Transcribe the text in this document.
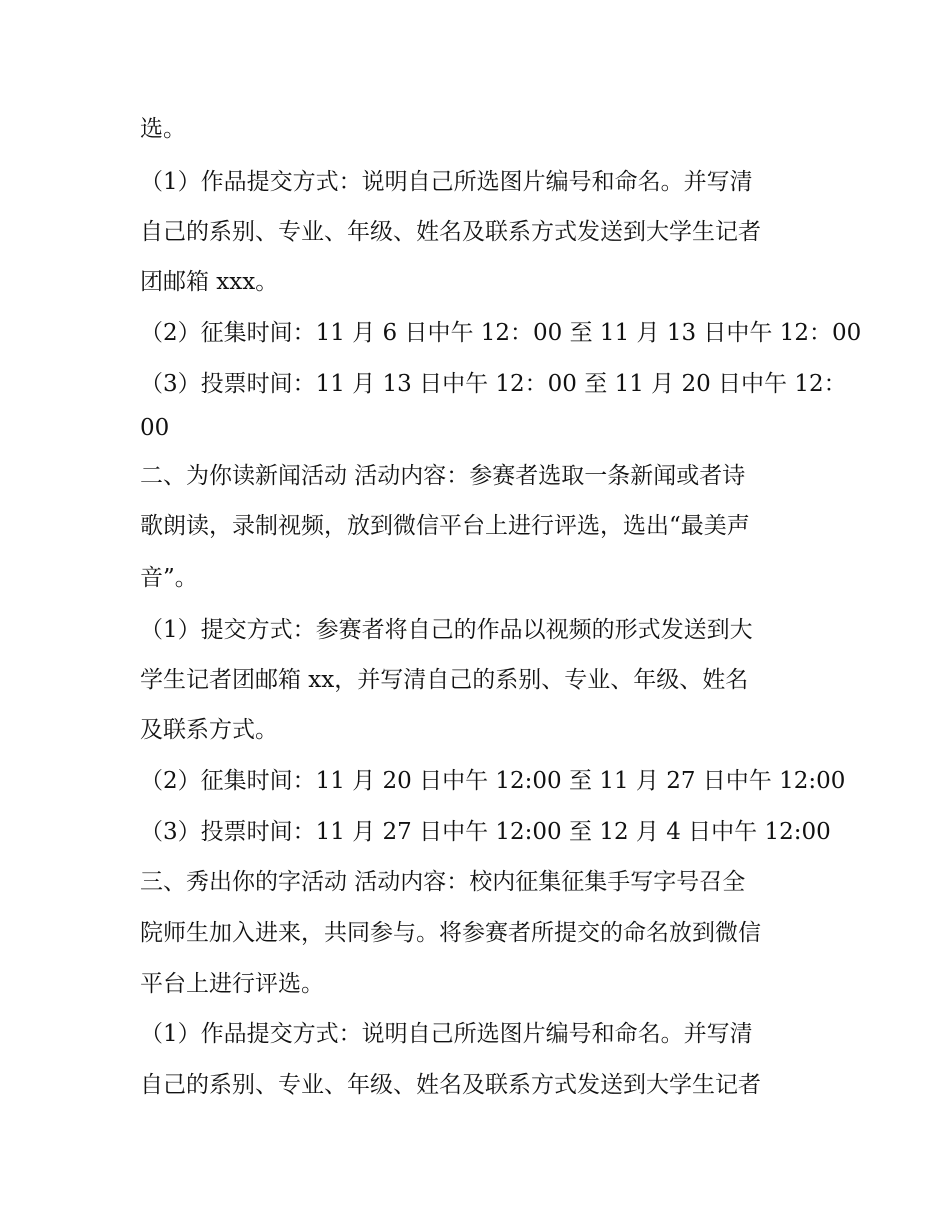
选。
（1）作品提交方式：说明自己所选图片编号和命名。并写清
自己的系别、专业、年级、姓名及联系方式发送到大学生记者
团邮箱 xxx。
（2）征集时间：11 月 6 日中午 12：00 至 11 月 13 日中午 12：00
（3）投票时间：11 月 13 日中午 12：00 至 11 月 20 日中午 12：
00
二、为你读新闻活动 活动内容：参赛者选取一条新闻或者诗
歌朗读，录制视频，放到微信平台上进行评选，选出“最美声
音”。
（1）提交方式：参赛者将自己的作品以视频的形式发送到大
学生记者团邮箱 xx，并写清自己的系别、专业、年级、姓名
及联系方式。
（2）征集时间：11 月 20 日中午 12:00 至 11 月 27 日中午 12:00
（3）投票时间：11 月 27 日中午 12:00 至 12 月 4 日中午 12:00
三、秀出你的字活动 活动内容：校内征集征集手写字号召全
院师生加入进来，共同参与。将参赛者所提交的命名放到微信
平台上进行评选。
（1）作品提交方式：说明自己所选图片编号和命名。并写清
自己的系别、专业、年级、姓名及联系方式发送到大学生记者
